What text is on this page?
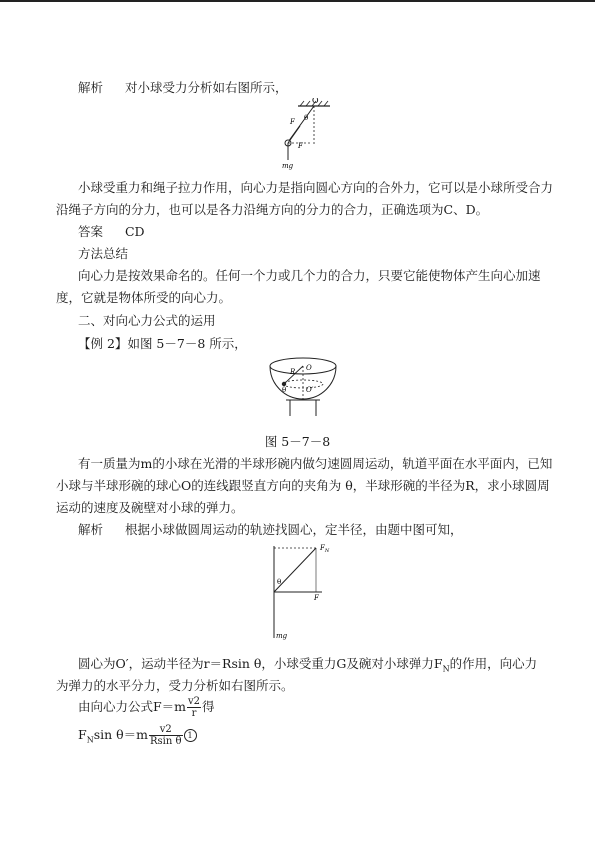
解析 对小球受力分析如右图所示，
O
F θ
F
mg
小球受重力和绳子拉力作用，向心力是指向圆心方向的合外力，它可以是小球所受合力
沿绳子方向的分力，也可以是各力沿绳方向的分力的合力，正确选项为C、D。
答案 CD
方法总结
向心力是按效果命名的。任何一个力或几个力的合力，只要它能使物体产生向心加速
度，它就是物体所受的向心力。
二、对向心力公式的运用
【例 2】如图 5－7－8 所示，
O
R
θ	O′
图 5－7－8
有一质量为m的小球在光滑的半球形碗内做匀速圆周运动，轨道平面在水平面内，已知
小球与半球形碗的球心O的连线跟竖直方向的夹角为 θ，半球形碗的半径为R，求小球圆周
运动的速度及碗壁对小球的弹力。
解析 根据小球做圆周运动的轨迹找圆心，定半径，由题中图可知，
$F_N$
θ
F
mg
圆心为O′，运动半径为r＝Rsin θ，小球受重力G及碗对小球弹力$F_N$的作用，向心力
为弹力的水平分力，受力分析如右图所示。
由向心力公式$F=m \frac{v2}{r}$ 得
$F_N\sin$ $\theta=m \frac{v2}{\text{Rsin θ}} 1$
